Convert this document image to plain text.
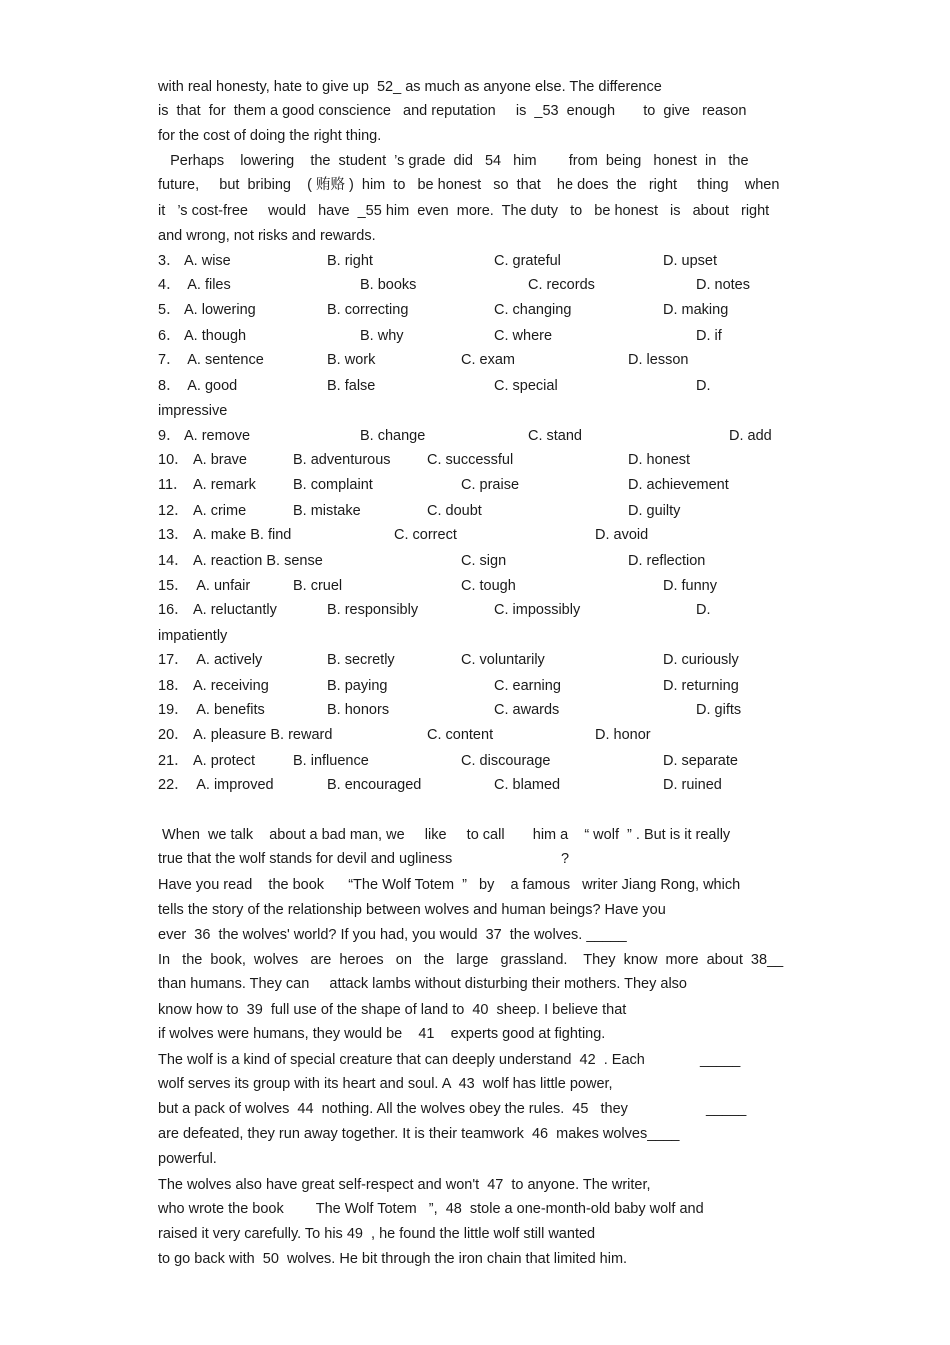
with real honesty, hate to give up  52_ as much as anyone else. The difference
is  that  for  them a good conscience   and reputation     is  _53  enough       to  give   reason
for the cost of doing the right thing.
Perhaps    lowering    the  student  ’s grade  did   54   him        from  being   honest  in   the
future,     but  bribing    ( 贿赂 )  him  to   be honest   so  that    he does  the   right     thing    when
it   ’s cost-free     would   have  _55 him  even  more.  The duty   to   be honest   is   about   right
and wrong, not risks and rewards.
3． A. wise	B. right	C. grateful	D. upset
4． A. files	B. books	C. records	D. notes
5． A. lowering	B. correcting	C. changing	D. making
6． A. though	B. why	C. where	D. if
7． A. sentence	B. work	C. exam	D. lesson
8． A. good	B. false	C. special	D.
impressive
9． A. remove	B. change	C. stand	D. add
10． A. brave	B. adventurous	C. successful	D. honest
11． A. remark	B. complaint	C. praise	D. achievement
12． A. crime	B. mistake	C. doubt	D. guilty
13． A. make B. find	C. correct	D. avoid
14． A. reaction B. sense	C. sign	D. reflection
15． A. unfair	B. cruel	C. tough	D. funny
16． A. reluctantly	B. responsibly	C. impossibly	D.
impatiently
17． A. actively	B. secretly	C. voluntarily	D. curiously
18． A. receiving	B. paying	C. earning	D. returning
19． A. benefits	B. honors	C. awards	D. gifts
20． A. pleasure B. reward	C. content	D. honor
21． A. protect	B. influence	C. discourage	D. separate
22． A. improved	B. encouraged	C. blamed	D. ruined
When  we talk    about a bad man, we     like     to call       him a    “ wolf  ” . But is it really
true that the wolf stands for devil and ugliness                           ?
Have you read    the book      “The Wolf Totem  ”   by    a famous   writer Jiang Rong, which
tells the story of the relationship between wolves and human beings? Have you
ever  36  the wolves' world? If you had, you would  37  the wolves. _____
In   the  book,  wolves   are  heroes   on   the   large   grassland.    They  know  more  about  38__
than humans. They can     attack lambs without disturbing their mothers. They also
know how to  39  full use of the shape of land to  40  sheep. I believe that
if wolves were humans, they would be    41    experts good at fighting.
The wolf is a kind of special creature that can deeply understand  42  . Each	_____
wolf serves its group with its heart and soul. A  43  wolf has little power,
but a pack of wolves  44  nothing. All the wolves obey the rules.  45   they	_____
are defeated, they run away together. It is their teamwork  46  makes wolves____
powerful.
The wolves also have great self-respect and won't  47  to anyone. The writer,
who wrote the book        The Wolf Totem   ”,  48  stole a one-month-old baby wolf and
raised it very carefully. To his 49  , he found the little wolf still wanted
to go back with  50  wolves. He bit through the iron chain that limited him.
